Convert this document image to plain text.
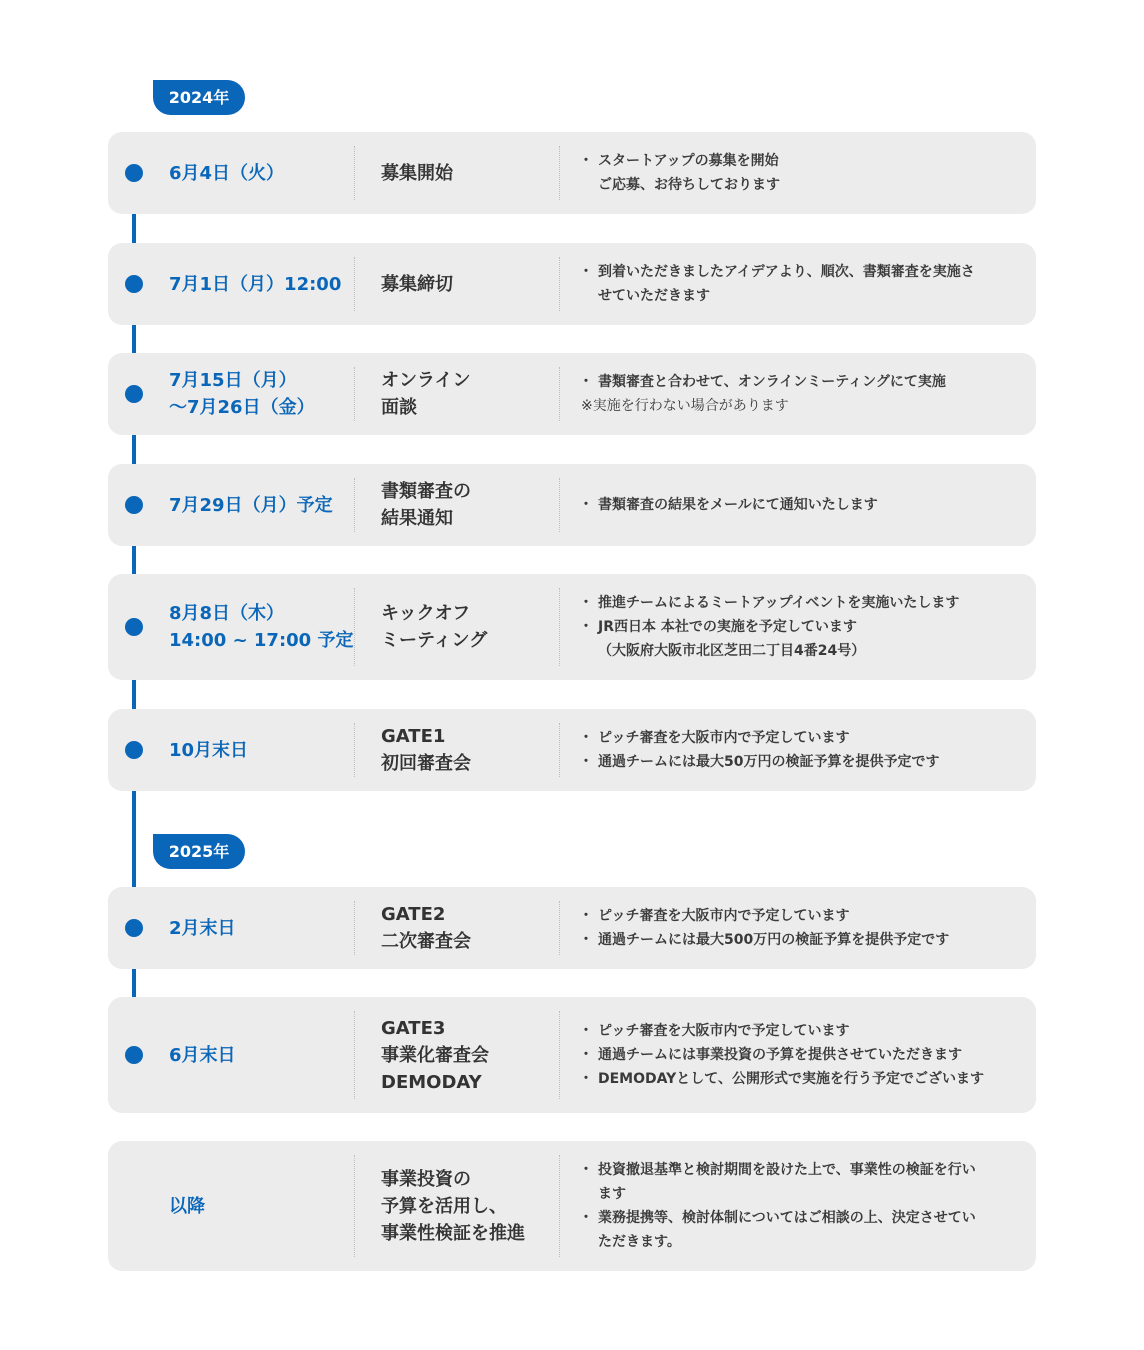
2024年
2025年
6月4日（火）	募集開始
・ スタートアップの募集を開始
ご応募、お待ちしております
7月1日（月）12:00	募集締切
・ 到着いただきましたアイデアより、順次、書類審査を実施さ
せていただきます
7月15日（月）
〜7月26日（金）
オンライン
面談
・ 書類審査と合わせて、オンラインミーティングにて実施
※実施を行わない場合があります
7月29日（月）予定
書類審査の
結果通知
・ 書類審査の結果をメールにて通知いたします
8月8日（木）
14:00 ~ 17:00 予定
キックオフ
ミーティング
・ 推進チームによるミートアップイベントを実施いたします
・ JR西日本 本社での実施を予定しています
（大阪府大阪市北区芝田二丁目4番24号）
10月末日
GATE1
初回審査会
・ ピッチ審査を大阪市内で予定しています
・ 通過チームには最大50万円の検証予算を提供予定です
2月末日
GATE2
二次審査会
・ ピッチ審査を大阪市内で予定しています
・ 通過チームには最大500万円の検証予算を提供予定です
6月末日
GATE3
事業化審査会
DEMODAY
・ ピッチ審査を大阪市内で予定しています
・ 通過チームには事業投資の予算を提供させていただきます
・ DEMODAYとして、公開形式で実施を行う予定でございます
以降
事業投資の
予算を活用し、
事業性検証を推進
・ 投資撤退基準と検討期間を設けた上で、事業性の検証を行い
ます
・ 業務提携等、検討体制についてはご相談の上、決定させてい
ただきます。
